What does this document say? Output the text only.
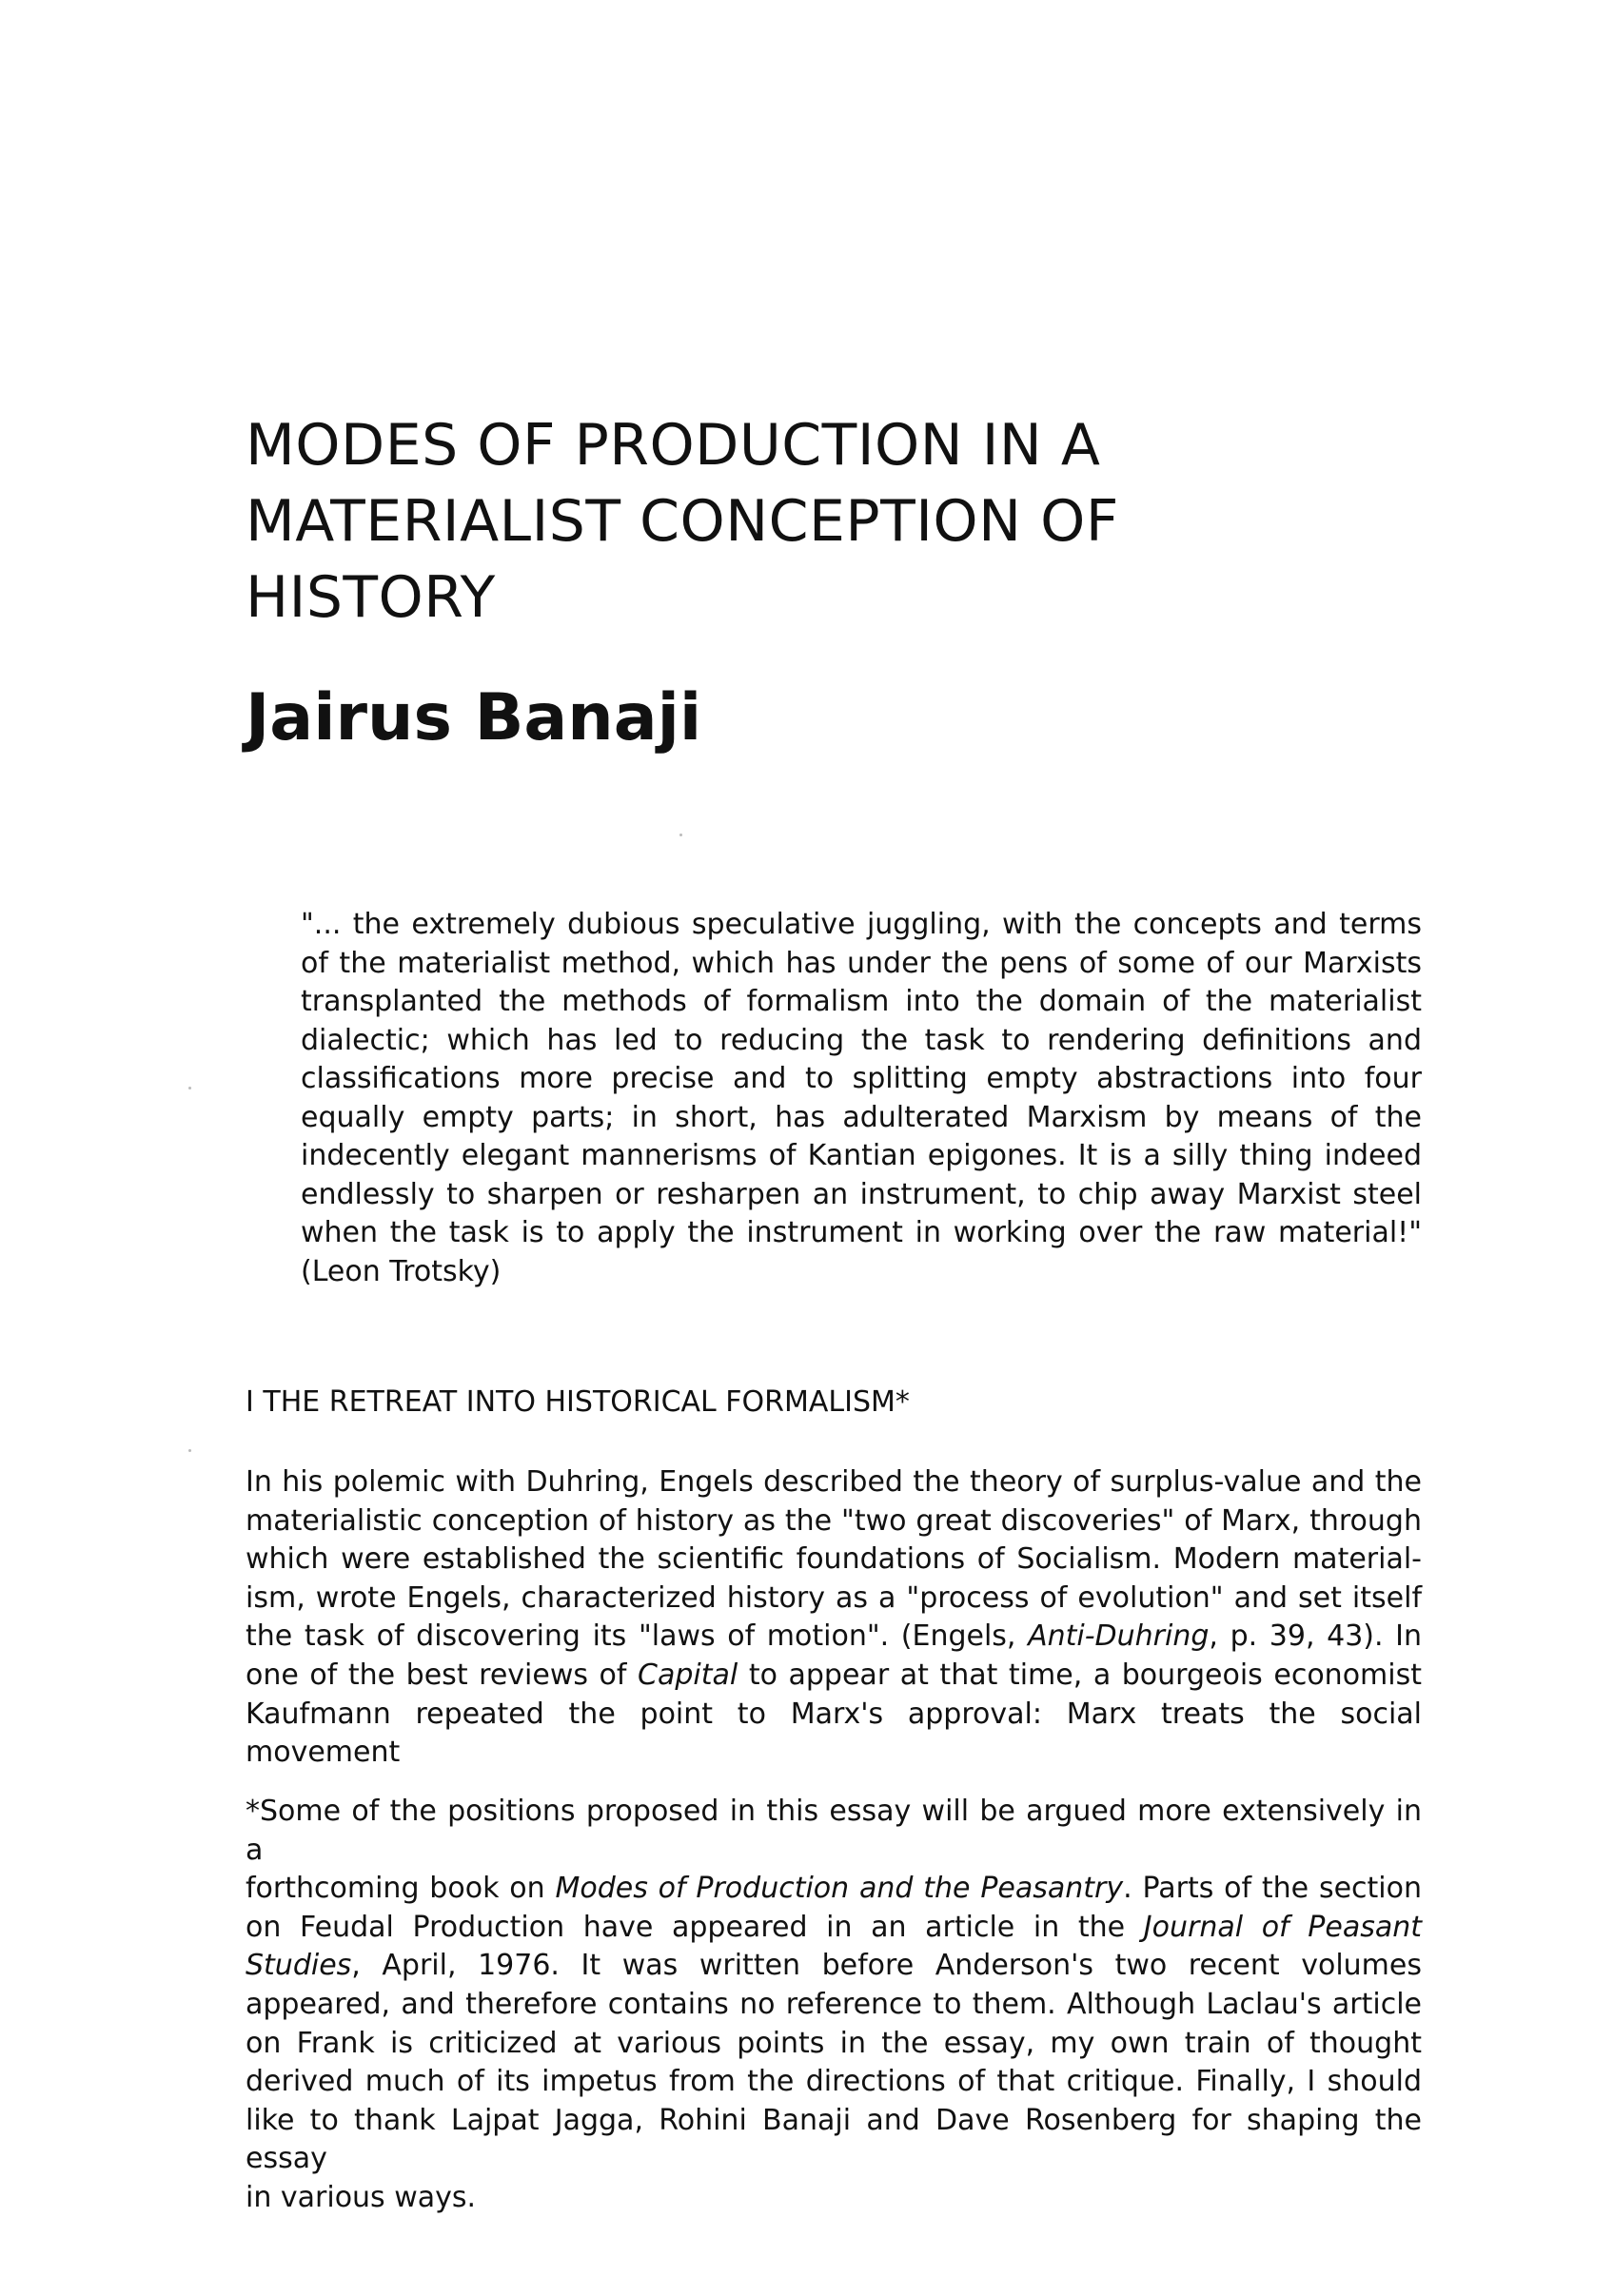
MODES OF PRODUCTION IN A
MATERIALIST CONCEPTION OF
HISTORY
Jairus Banaji
"... the extremely dubious speculative juggling, with the concepts and terms
of the materialist method, which has under the pens of some of our Marxists
transplanted the methods of formalism into the domain of the materialist
dialectic; which has led to reducing the task to rendering definitions and
classifications more precise and to splitting empty abstractions into four
equally empty parts; in short, has adulterated Marxism by means of the
indecently elegant mannerisms of Kantian epigones. It is a silly thing indeed
endlessly to sharpen or resharpen an instrument, to chip away Marxist steel
when the task is to apply the instrument in working over the raw material!"
(Leon Trotsky)
I THE RETREAT INTO HISTORICAL FORMALISM*
In his polemic with Duhring, Engels described the theory of surplus-value and the
materialistic conception of history as the "two great discoveries" of Marx, through
which were established the scientific foundations of Socialism. Modern material-
ism, wrote Engels, characterized history as a "process of evolution" and set itself
the task of discovering its "laws of motion". (Engels, Anti-Duhring, p. 39, 43). In
one of the best reviews of Capital to appear at that time, a bourgeois economist
Kaufmann repeated the point to Marx's approval: Marx treats the social movement
*Some of the positions proposed in this essay will be argued more extensively in a
forthcoming book on Modes of Production and the Peasantry. Parts of the section
on Feudal Production have appeared in an article in the Journal of Peasant
Studies, April, 1976. It was written before Anderson's two recent volumes
appeared, and therefore contains no reference to them. Although Laclau's article
on Frank is criticized at various points in the essay, my own train of thought
derived much of its impetus from the directions of that critique. Finally, I should
like to thank Lajpat Jagga, Rohini Banaji and Dave Rosenberg for shaping the essay
in various ways.
